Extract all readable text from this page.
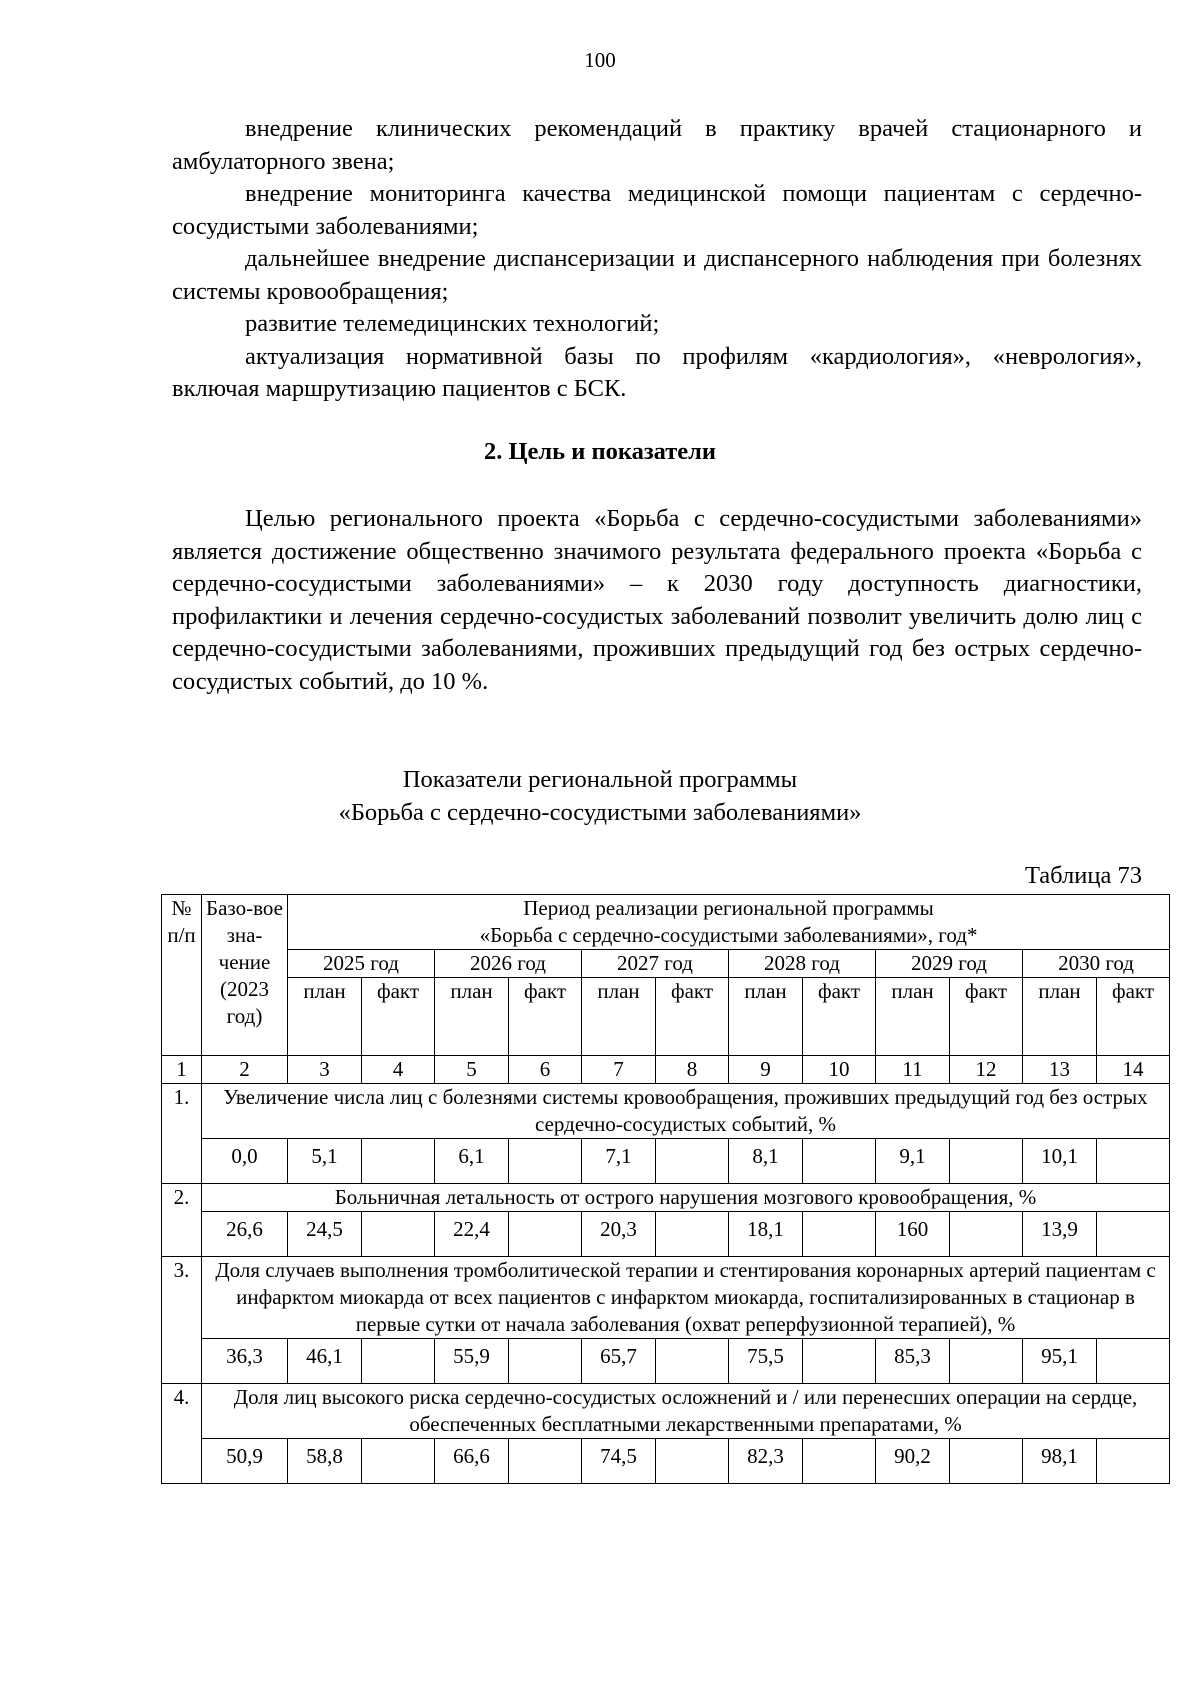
100

внедрение клинических рекомендаций в практику врачей стационарного и амбулаторного звена;

внедрение мониторинга качества медицинской помощи пациентам с сердечно-сосудистыми заболеваниями;

дальнейшее внедрение диспансеризации и диспансерного наблюдения при болезнях системы кровообращения;

развитие телемедицинских технологий;

актуализация нормативной базы по профилям «кардиология», «неврология», включая маршрутизацию пациентов с БСК.

2. Цель и показатели

Целью регионального проекта «Борьба с сердечно-сосудистыми заболеваниями» является достижение общественно значимого результата федерального проекта «Борьба с сердечно-сосудистыми заболеваниями» – к 2030 году доступность диагностики, профилактики и лечения сердечно-сосудистых заболеваний позволит увеличить долю лиц с сердечно-сосудистыми заболеваниями, проживших предыдущий год без острых сердечно-сосудистых событий, до 10 %.

Показатели региональной программы
«Борьба с сердечно-сосудистыми заболеваниями»
Таблица 73
№ п/п	Базо-вое зна-чение (2023 год)	Период реализации региональной программы
«Борьба с сердечно-сосудистыми заболеваниями», год*											

		2025 год		2026 год		2027 год		2028 год		2029 год		2030 год	
		план	факт	план	факт	план	факт	план	факт	план	факт	план	факт
1	2	3	4	5	6	7	8	9	10	11	12	13	14
1.	Увеличение числа лиц с болезнями системы кровообращения, проживших предыдущий год без острых сердечно-сосудистых событий, %												
	0,0	5,1		6,1		7,1		8,1		9,1		10,1	
2.	Больничная летальность от острого нарушения мозгового кровообращения, %												
	26,6	24,5		22,4		20,3		18,1		160		13,9	
3.	Доля случаев выполнения тромболитической терапии и стентирования коронарных артерий пациентам с инфарктом миокарда от всех пациентов с инфарктом миокарда, госпитализированных в стационар в первые сутки от начала заболевания (охват реперфузионной терапией), %												
	36,3	46,1		55,9		65,7		75,5		85,3		95,1	
4.	Доля лиц высокого риска сердечно-сосудистых осложнений и / или перенесших операции на сердце, обеспеченных бесплатными лекарственными препаратами, %												
	50,9	58,8		66,6		74,5		82,3		90,2		98,1	
